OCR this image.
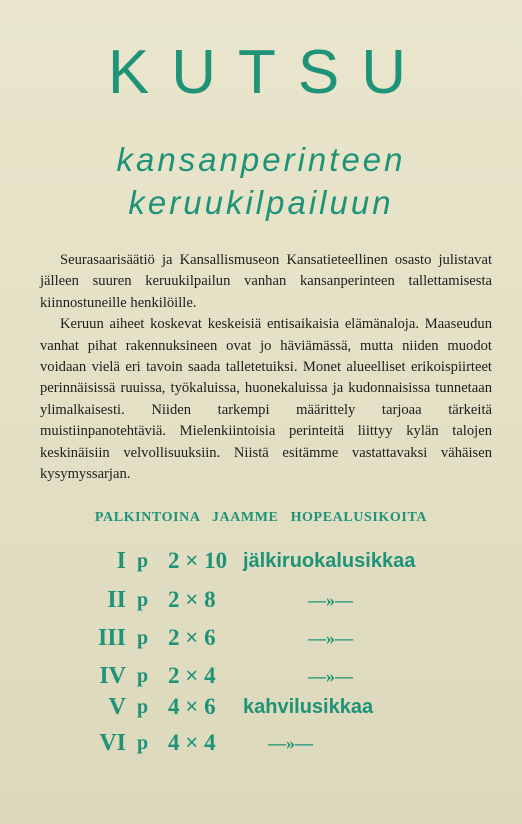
KUTSU
kansanperinteen
keruukilpailuun

Seurasaarisäätiö ja Kansallismuseon Kansatieteellinen osasto julistavat jälleen suuren keruukilpailun vanhan kansanperinteen tallettamisesta kiinnostuneille henkilöille.

Keruun aiheet koskevat keskeisiä entisaikaisia elämänaloja. Maaseudun vanhat pihat rakennuksineen ovat jo häviämässä, mutta niiden muodot voidaan vielä eri tavoin saada talletetuiksi. Monet alueelliset erikoispiirteet perinnäisissä ruuissa, työkaluissa, huonekaluissa ja kudonnaisissa tunnetaan ylimalkaisesti. Niiden tarkempi määrittely tarjoaa tärkeitä muistiinpanotehtäviä. Mielenkiintoisia perinteitä liittyy kylän talojen keskinäisiin velvollisuuksiin. Niistä esitämme vastattavaksi vähäisen kysymyssarjan.

PALKINTOINA JAAMME HOPEALUSIKOITA
I p 2 × 10 jälkiruokalusikkaa
II p 2 × 8	—»—
III p 2 × 6	—»—
IV p 2 × 4	—»—
V p 4 × 6 kahvilusikkaa
VI p 4 × 4	—»—
